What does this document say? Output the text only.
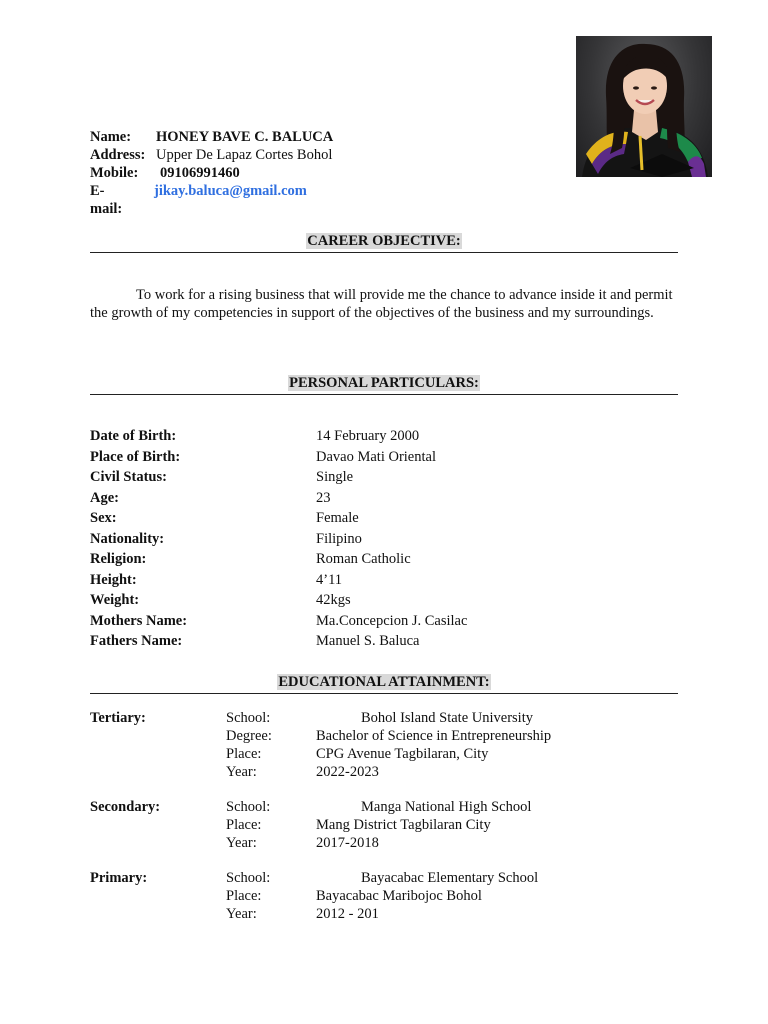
Name: HONEY BAVE C. BALUCA
Address: Upper De Lapaz Cortes Bohol
Mobile: 09106991460
E-mail:
jikay.baluca@gmail.com
CAREER OBJECTIVE:
To work for a rising business that will provide me the chance to advance inside it and permit the growth of my competencies in support of the objectives of the business and my surroundings.
PERSONAL PARTICULARS:
Date of Birth:	14 February 2000
Place of Birth:	Davao Mati Oriental
Civil Status:	Single
Age:	23
Sex:	Female
Nationality:	Filipino
Religion:	Roman Catholic
Height:	4’11
Weight:	42kgs
Mothers Name:	Ma.Concepcion J. Casilac
Fathers Name:	Manuel S. Baluca
EDUCATIONAL ATTAINMENT:
Tertiary:	School:	Bohol Island State University
Degree:	Bachelor of Science in Entrepreneurship
Place:	CPG Avenue Tagbilaran, City
Year:	2022-2023
Secondary:	School:	Manga National High School
Place:	Mang District Tagbilaran City
Year:	2017-2018
Primary:	School:	Bayacabac Elementary School
Place:	Bayacabac Maribojoc Bohol
Year:	2012 - 201
